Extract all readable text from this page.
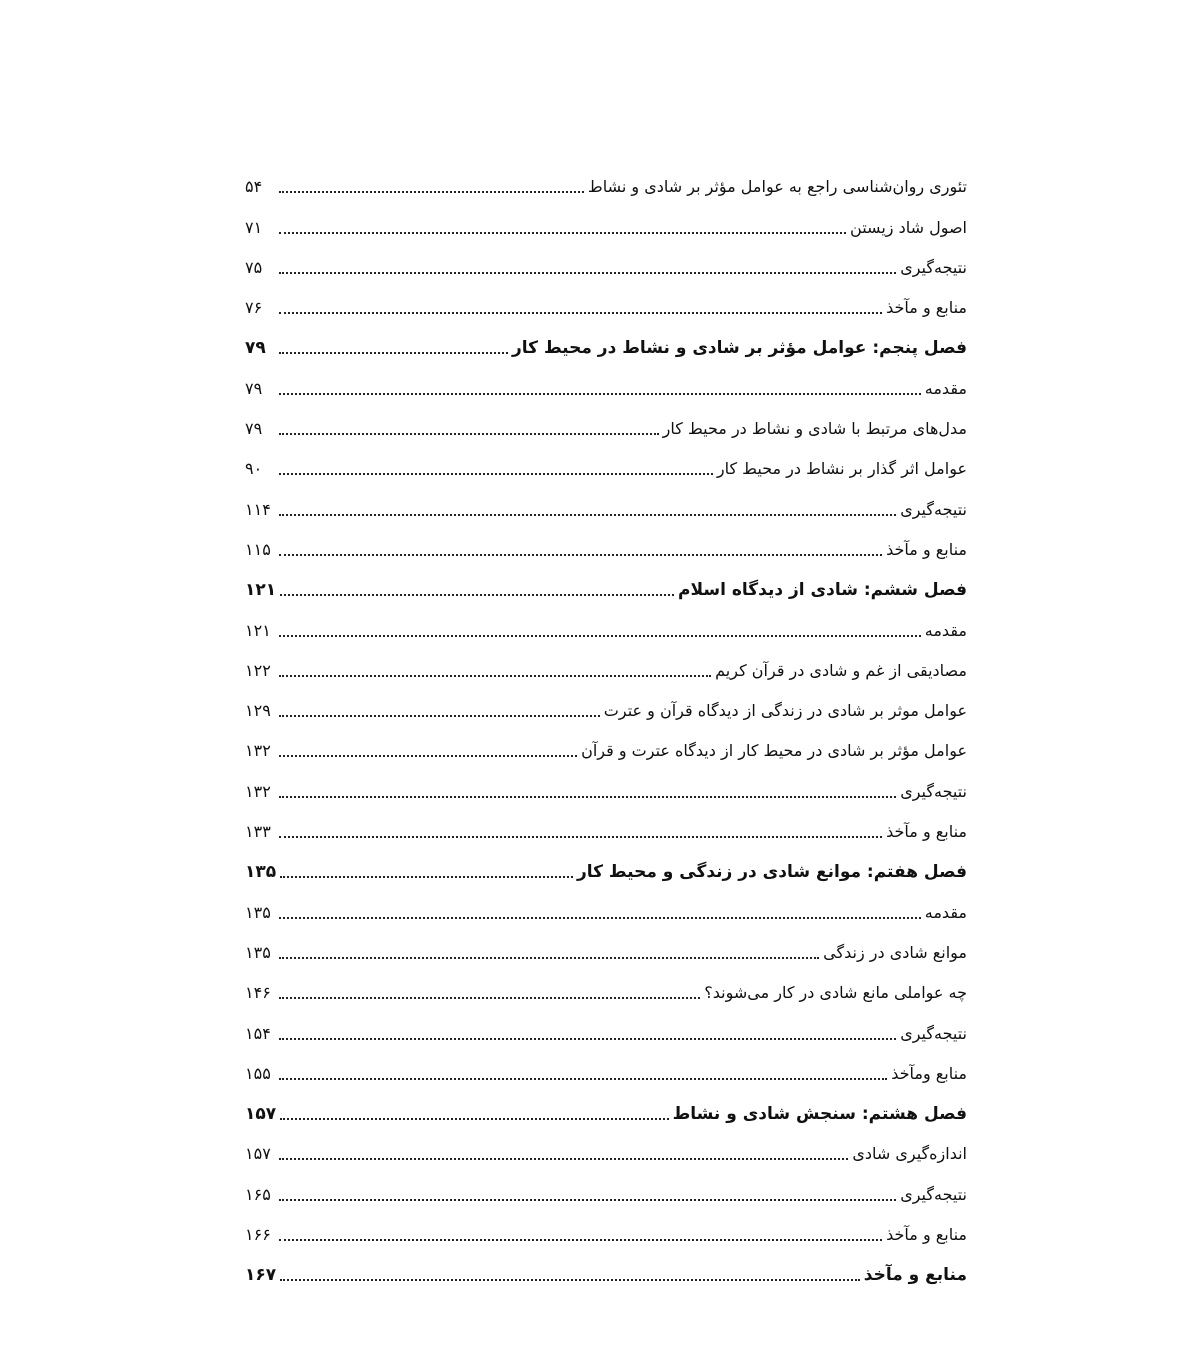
تئوری روان‌شناسی راجع به عوامل مؤثر بر شادی و نشاط
۵۴
اصول شاد زیستن
۷۱
نتیجه‌گیری
۷۵
منابع و مآخذ
۷۶
فصل پنجم: عوامل مؤثر بر شادی و نشاط در محیط کار
۷۹
مقدمه
۷۹
مدل‌های مرتبط با شادی و نشاط در محیط کار
۷۹
عوامل اثر گذار بر نشاط در محیط کار
۹۰
نتیجه‌گیری
۱۱۴
منابع و مآخذ
۱۱۵
فصل ششم: شادی از دیدگاه اسلام
۱۲۱
مقدمه
۱۲۱
مصادیقی از غم و شادی در قرآن کریم
۱۲۲
عوامل موثر بر شادی در زندگی از دیدگاه قرآن و عترت
۱۲۹
عوامل مؤثر بر شادی در محیط کار از دیدگاه عترت و قرآن
۱۳۲
نتیجه‌گیری
۱۳۲
منابع و مآخذ
۱۳۳
فصل هفتم: موانع شادی در زندگی و محیط کار
۱۳۵
مقدمه
۱۳۵
موانع شادی در زندگی
۱۳۵
چه عواملی مانع شادی در کار می‌شوند؟
۱۴۶
نتیجه‌گیری
۱۵۴
منابع ومآخذ
۱۵۵
فصل هشتم: سنجش شادی و نشاط
۱۵۷
اندازه‌گیری شادی
۱۵۷
نتیجه‌گیری
۱۶۵
منابع و مآخذ
۱۶۶
منابع و مآخذ
۱۶۷
